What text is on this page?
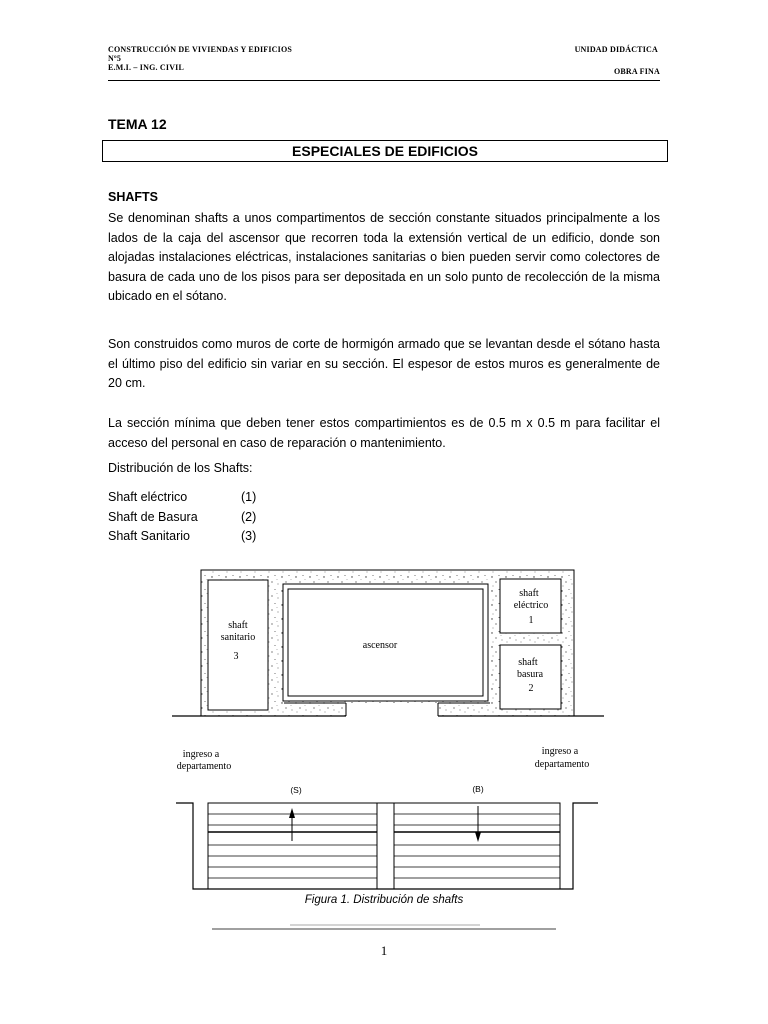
CONSTRUCCIÓN DE VIVIENDAS Y EDIFICIOS
Nº5
E.M.I. – ING. CIVIL
UNIDAD DIDÁCTICA
OBRA FINA
TEMA 12
ESPECIALES DE EDIFICIOS
SHAFTS
Se denominan shafts a unos compartimentos de sección constante situados principalmente a los lados de la caja del ascensor que recorren toda la extensión vertical de un edificio, donde son alojadas instalaciones eléctricas, instalaciones sanitarias o bien pueden servir como colectores de basura de cada uno de los pisos para ser depositada en un solo punto de recolección de la misma ubicado en el sótano.
Son construidos como muros de corte de hormigón armado que se levantan desde el sótano hasta el último piso del edificio sin variar en su sección. El espesor de estos muros es generalmente de 20 cm.
La sección mínima que deben tener estos compartimientos es de 0.5 m x 0.5 m para facilitar el acceso del personal en caso de reparación o mantenimiento.
Distribución de los Shafts:
Shaft eléctrico	(1)
Shaft de Basura	(2)
Shaft Sanitario	(3)
shaft
sanitario
3
ascensor
shaft
eléctrico
1
shaft
basura
2
ingreso a
departamento
ingreso a
departamento
(S)	(B)
Figura 1. Distribución de shafts
1
